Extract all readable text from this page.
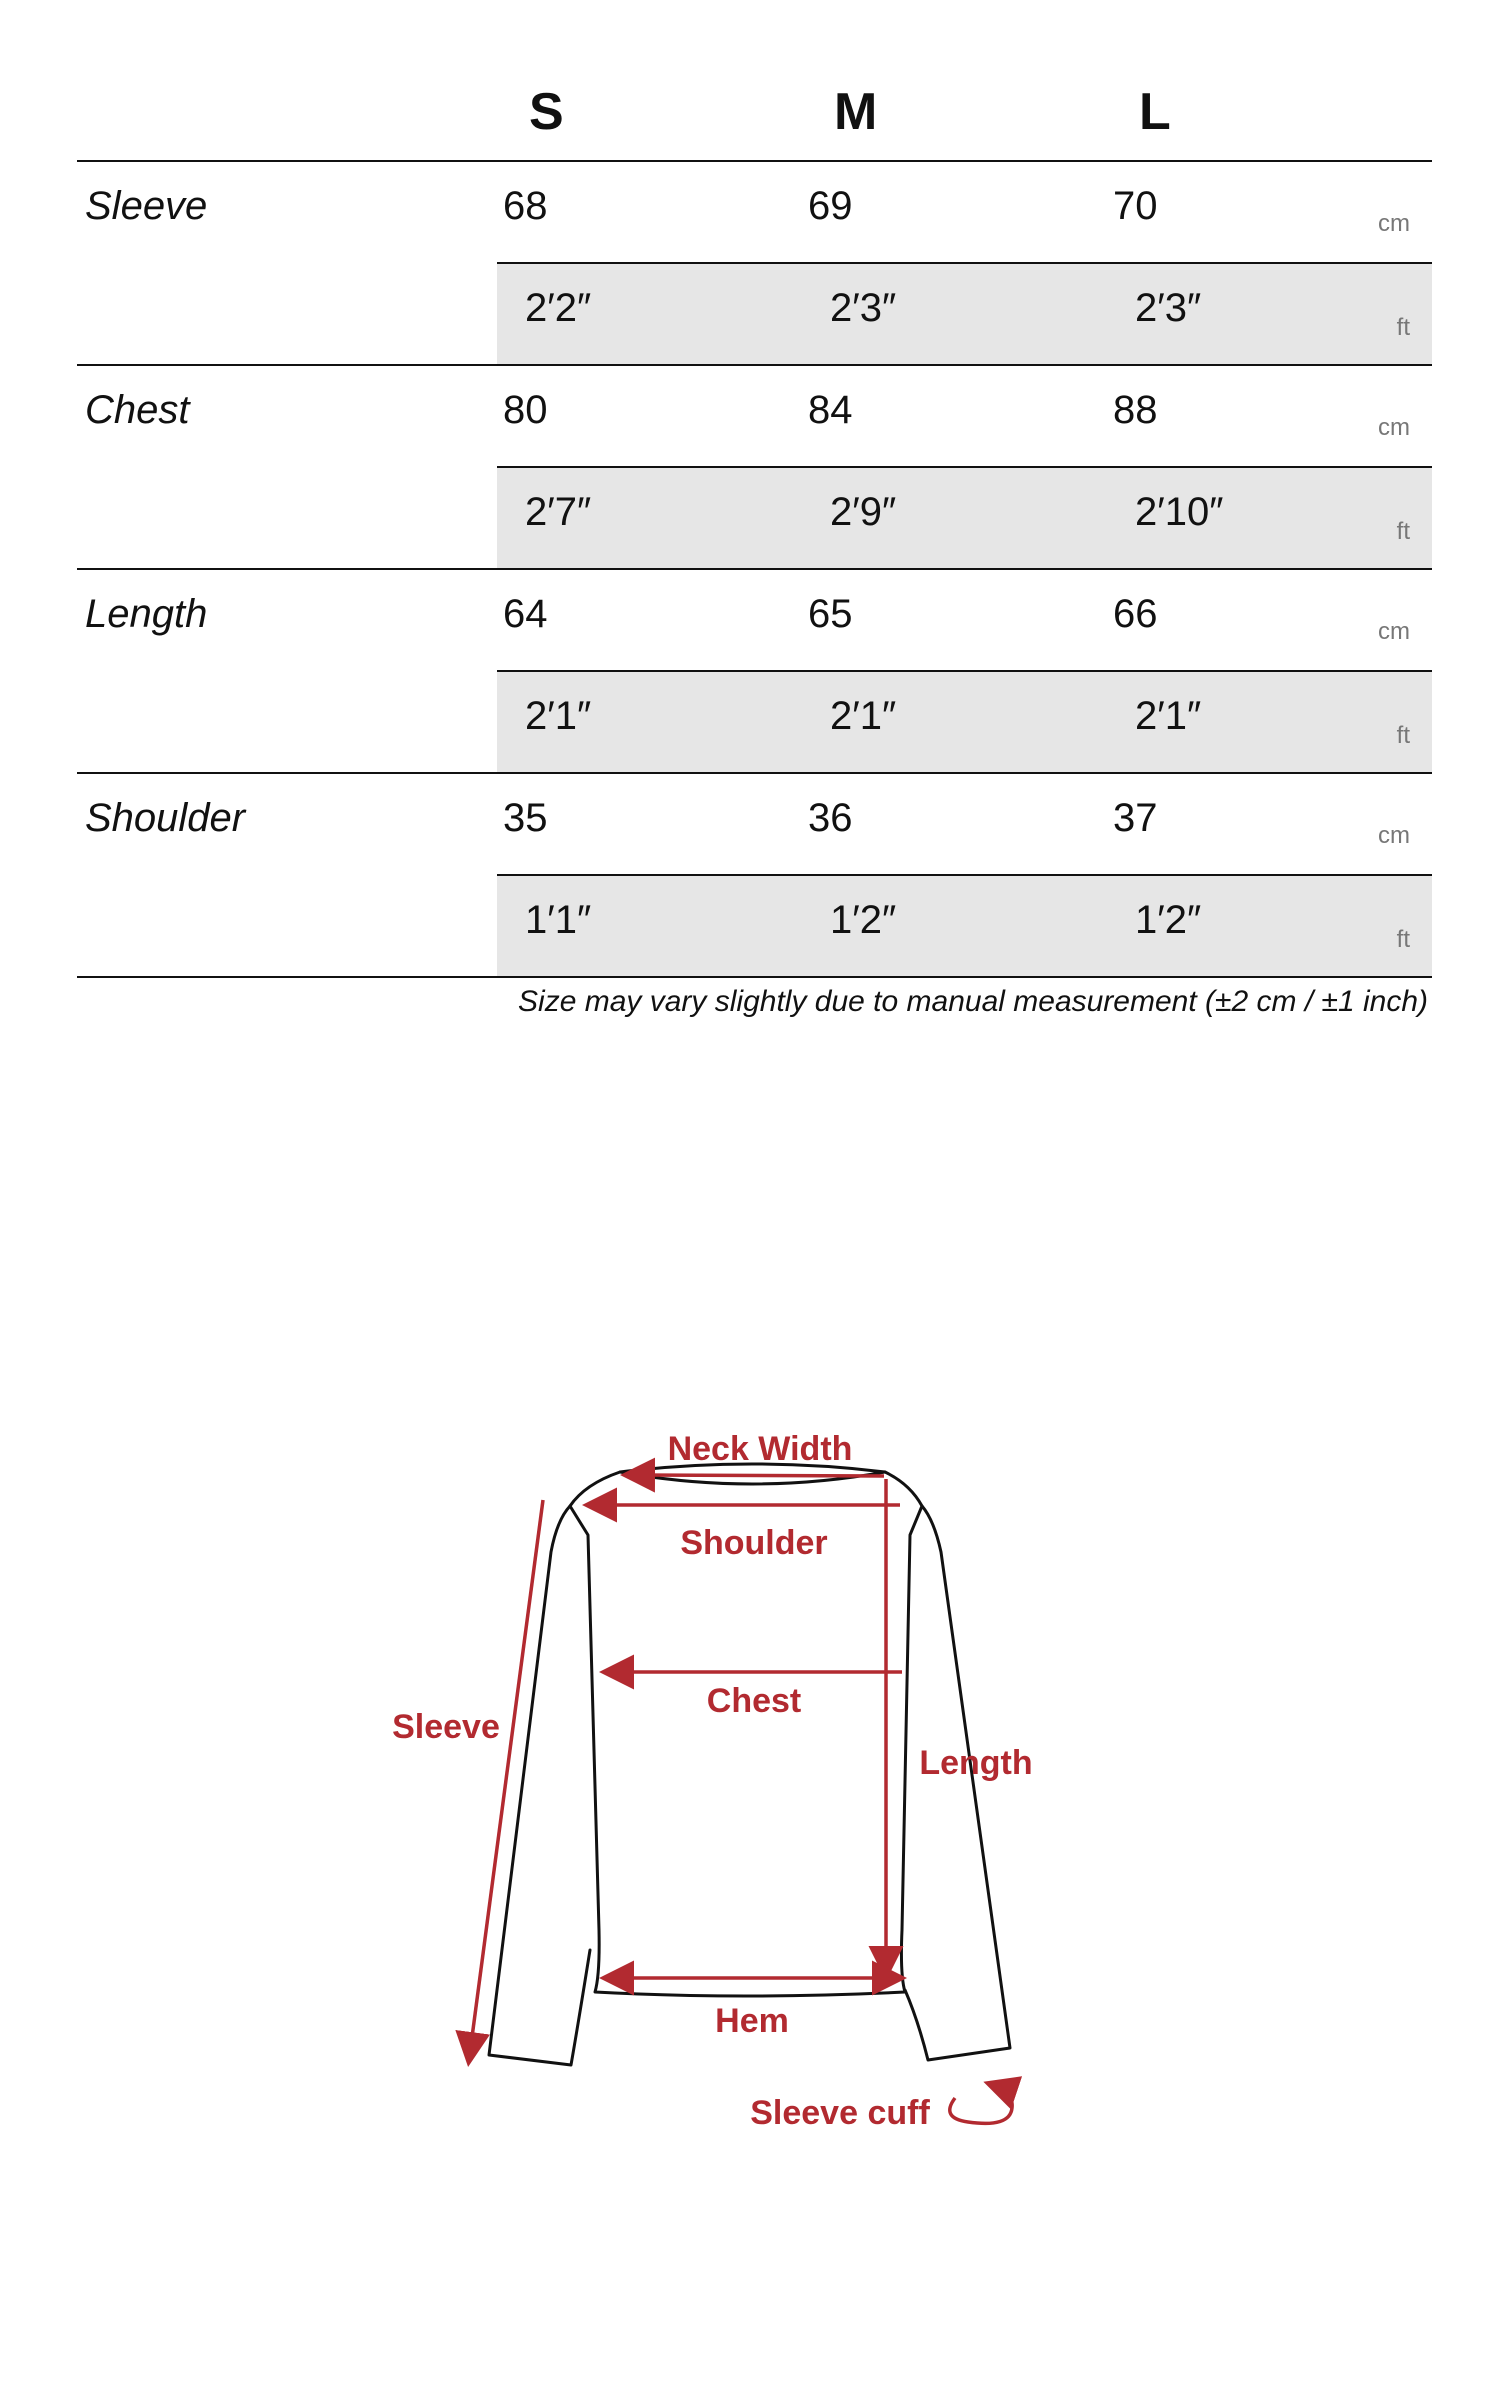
S	M	L
Sleeve	68	69	70	cm
2′2″	2′3″	2′3″	ft
Chest	80	84	88	cm
2′7″	2′9″	2′10″	ft
Length	64	65	66	cm
2′1″	2′1″	2′1″	ft
Shoulder	35	36	37	cm
1′1″	1′2″	1′2″	ft
Size may vary slightly due to manual measurement (±2 cm / ±1 inch)
Neck Width
Shoulder
Chest
Sleeve
Length
Hem
Sleeve cuff
